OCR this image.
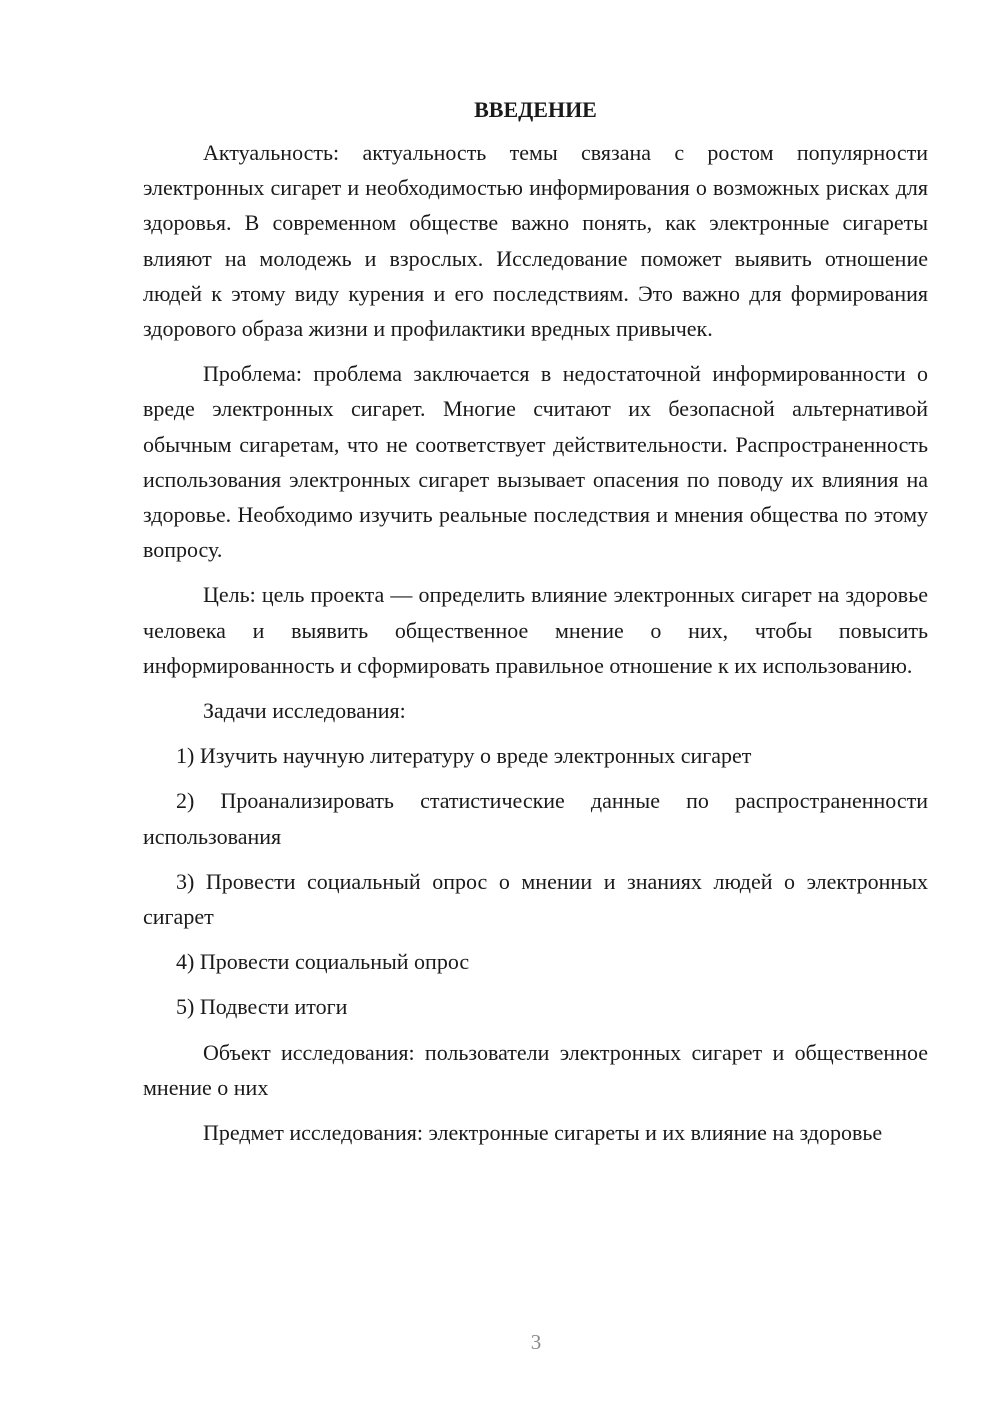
ВВЕДЕНИЕ

Актуальность: актуальность темы связана с ростом популярности электронных сигарет и необходимостью информирования о возможных рисках для здоровья. В современном обществе важно понять, как электронные сигареты влияют на молодежь и взрослых. Исследование поможет выявить отношение людей к этому виду курения и его последствиям. Это важно для формирования здорового образа жизни и профилактики вредных привычек.

Проблема: проблема заключается в недостаточной информированности о вреде электронных сигарет. Многие считают их безопасной альтернативой обычным сигаретам, что не соответствует действительности. Распространенность использования электронных сигарет вызывает опасения по поводу их влияния на здоровье. Необходимо изучить реальные последствия и мнения общества по этому вопросу.

Цель: цель проекта — определить влияние электронных сигарет на здоровье человека и выявить общественное мнение о них, чтобы повысить информированность и сформировать правильное отношение к их использованию.

Задачи исследования:

1) Изучить научную литературу о вреде электронных сигарет

2) Проанализировать статистические данные по распространенности использования

3) Провести социальный опрос о мнении и знаниях людей о электронных сигарет

4) Провести социальный опрос

5) Подвести итоги

Объект исследования: пользователи электронных сигарет и общественное мнение о них

Предмет исследования: электронные сигареты и их влияние на здоровье

3
